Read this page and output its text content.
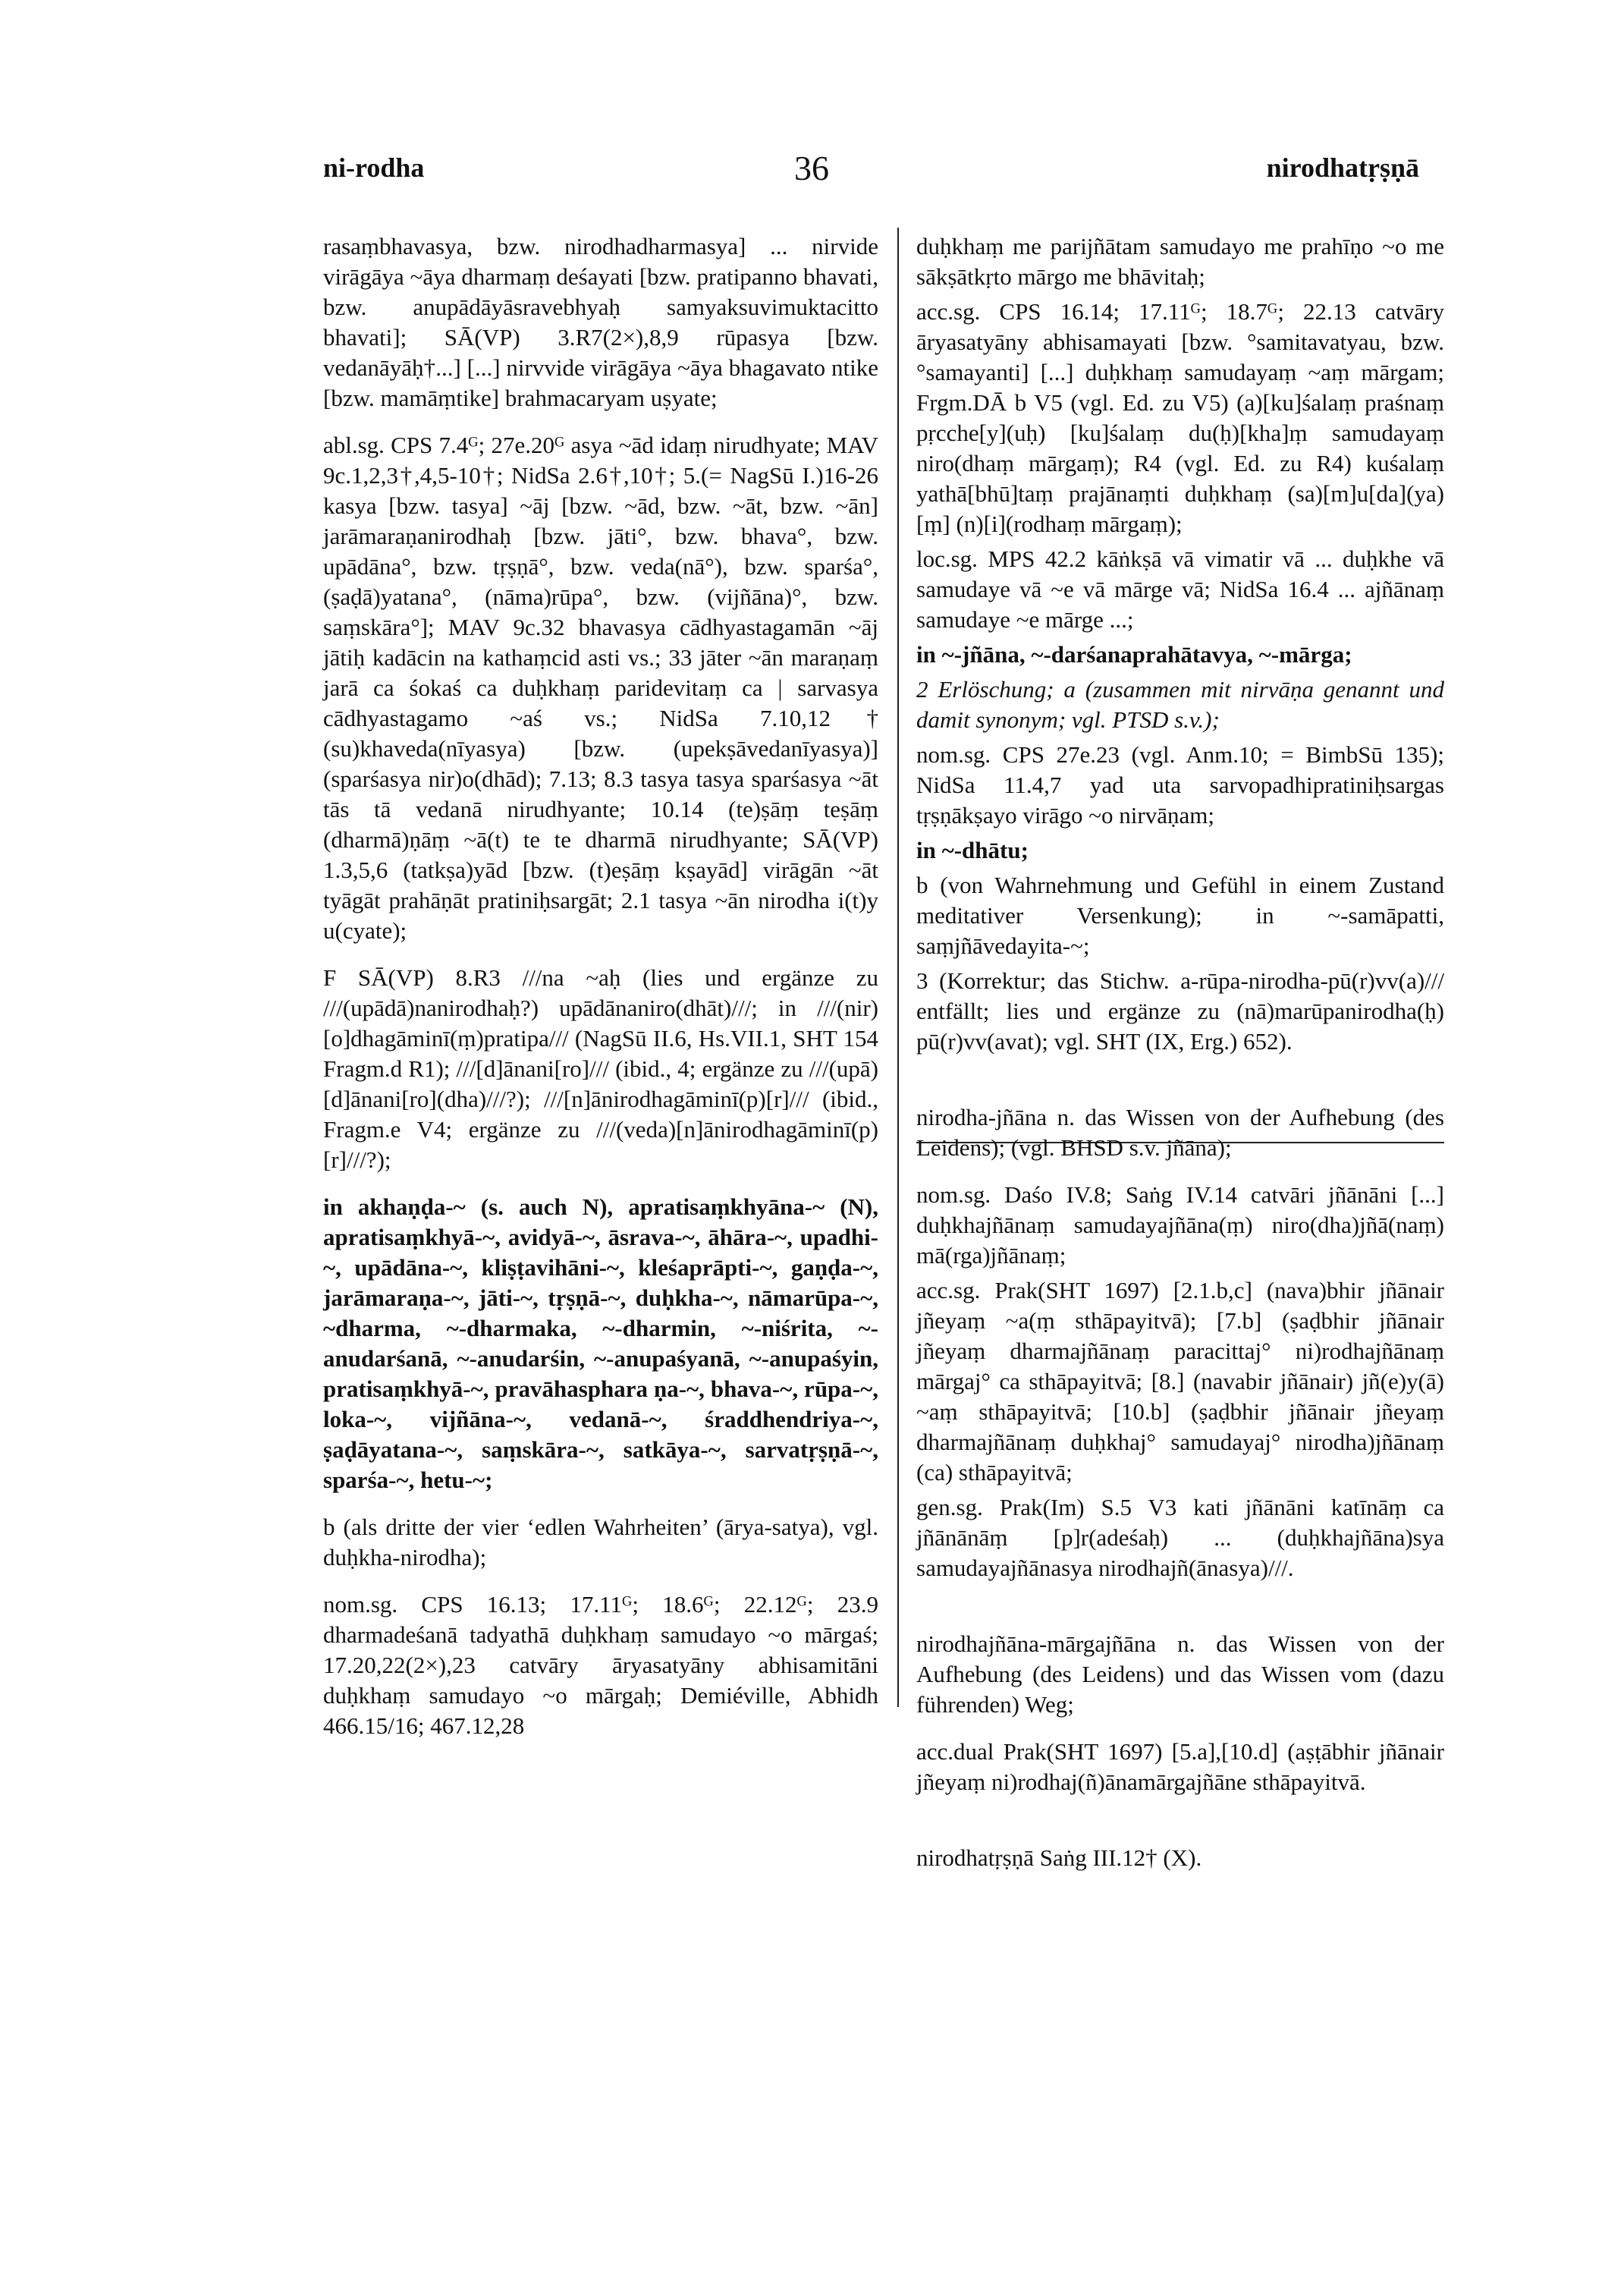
ni-rodha	36	nirodhatṛṣṇā

rasaṃbhavasya, bzw. nirodhadharmasya] ... nirvide virāgāya ~āya dharmaṃ deśayati [bzw. pratipanno bhavati, bzw. anupādāyāsravebhyaḥ samyaksuvimuktacitto bhavati]; SĀ(VP) 3.R7(2×),8,9 rūpasya [bzw. vedanāyāḥ†...] [...] nirvvide virāgāya ~āya bhagavato ntike [bzw. mamāṃtike] brahmacaryam uṣyate;

abl.sg. CPS 7.4ᴳ; 27e.20ᴳ asya ~ād idaṃ nirudhyate; MAV 9c.1,2,3†,4,5-10†; NidSa 2.6†,10†; 5.(= NagSū I.)16-26 kasya [bzw. tasya] ~āj [bzw. ~ād, bzw. ~āt, bzw. ~ān] jarāmaraṇanirodhaḥ [bzw. jāti°, bzw. bhava°, bzw. upādāna°, bzw. tṛṣṇā°, bzw. veda(nā°), bzw. sparśa°, (ṣaḍā)yatana°, (nāma)rūpa°, bzw. (vijñāna)°, bzw. saṃskāra°]; MAV 9c.32 bhavasya cādhyastagamān ~āj jātiḥ kadācin na kathaṃcid asti vs.; 33 jāter ~ān maraṇaṃ jarā ca śokaś ca duḥkhaṃ paridevitaṃ ca | sarvasya cādhyastagamo ~aś vs.; NidSa 7.10,12† (su)khaveda(nīyasya) [bzw. (upekṣāvedanīyasya)] (sparśasya nir)o(dhād); 7.13; 8.3 tasya tasya sparśasya ~āt tās tā vedanā nirudhyante; 10.14 (te)ṣāṃ teṣāṃ (dharmā)ṇāṃ ~ā(t) te te dharmā nirudhyante; SĀ(VP) 1.3,5,6 (tatkṣa)yād [bzw. (t)eṣāṃ kṣayād] virāgān ~āt tyāgāt prahāṇāt pratiniḥsargāt; 2.1 tasya ~ān nirodha i(t)y u(cyate);

F SĀ(VP) 8.R3 ///na ~aḥ (lies und ergänze zu ///(upādā)nanirodhaḥ?) upādānaniro(dhāt)///; in ///(nir)[o]dhagāminī(ṃ)pratipa/// (NagSū II.6, Hs.VII.1, SHT 154 Fragm.d R1); ///[d]ānani[ro]/// (ibid., 4; ergänze zu ///(upā)[d]ānani[ro](dha)///?); ///[n]ānirodhagāminī(p)[r]/// (ibid., Fragm.e V4; ergänze zu ///(veda)[n]ānirodhagāminī(p)[r]///?);

in akhaṇḍa-~ (s. auch N), apratisaṃkhyāna-~ (N), apratisaṃkhyā-~, avidyā-~, āsrava-~, āhāra-~, upadhi-~, upādāna-~, kliṣṭavihāni-~, kleśaprāpti-~, gaṇḍa-~, jarāmaraṇa-~, jāti-~, tṛṣṇā-~, duḥkha-~, nāmarūpa-~, ~dharma, ~-dharmaka, ~-dharmin, ~-niśrita, ~-anudarśanā, ~-anudarśin, ~-anupaśyanā, ~-anupaśyin, pratisaṃkhyā-~, pravāhasphara ṇa-~, bhava-~, rūpa-~, loka-~, vijñāna-~, vedanā-~, śraddhendriya-~, ṣaḍāyatana-~, saṃskāra-~, satkāya-~, sarvatṛṣṇā-~, sparśa-~, hetu-~;

b (als dritte der vier ‘edlen Wahrheiten’ (ārya-satya), vgl. duḥkha-nirodha);

nom.sg. CPS 16.13; 17.11ᴳ; 18.6ᴳ; 22.12ᴳ; 23.9 dharmadeśanā tadyathā duḥkhaṃ samudayo ~o mārgaś; 17.20,22(2×),23 catvāry āryasatyāny abhisamitāni duḥkhaṃ samudayo ~o mārgaḥ; Demiéville, Abhidh 466.15/16; 467.12,28

duḥkhaṃ me parijñātam samudayo me prahīṇo ~o me sākṣātkṛto mārgo me bhāvitaḥ;

acc.sg. CPS 16.14; 17.11ᴳ; 18.7ᴳ; 22.13 catvāry āryasatyāny abhisamayati [bzw. °samitavatyau, bzw. °samayanti] [...] duḥkhaṃ samudayaṃ ~aṃ mārgam; Frgm.DĀ b V5 (vgl. Ed. zu V5) (a)[ku]śalaṃ praśnaṃ pṛcche[y](uḥ) [ku]śalaṃ du(ḥ)[kha]ṃ samudayaṃ niro(dhaṃ mārgaṃ); R4 (vgl. Ed. zu R4) kuśalaṃ yathā[bhū]taṃ prajānaṃti duḥkhaṃ (sa)[m]u[da](ya)[ṃ] (n)[i](rodhaṃ mārgaṃ);

loc.sg. MPS 42.2 kāṅkṣā vā vimatir vā ... duḥkhe vā samudaye vā ~e vā mārge vā; NidSa 16.4 ... ajñānaṃ samudaye ~e mārge ...;

in ~-jñāna, ~-darśanaprahātavya, ~-mārga;

2 Erlöschung; a (zusammen mit nirvāṇa genannt und damit synonym; vgl. PTSD s.v.);

nom.sg. CPS 27e.23 (vgl. Anm.10; = BimbSū 135); NidSa 11.4,7 yad uta sarvopadhipratiniḥsargas tṛṣṇākṣayo virāgo ~o nirvāṇam;

in ~-dhātu;

b (von Wahrnehmung und Gefühl in einem Zustand meditativer Versenkung); in ~-samāpatti, saṃjñāvedayita-~;

3 (Korrektur; das Stichw. a-rūpa-nirodha-pū(r)vv(a)/// entfällt; lies und ergänze zu (nā)marūpanirodha(ḥ) pū(r)vv(avat); vgl. SHT (IX, Erg.) 652).

nirodha-jñāna n. das Wissen von der Aufhebung (des Leidens); (vgl. BHSD s.v. jñāna);

nom.sg. Daśo IV.8; Saṅg IV.14 catvāri jñānāni [...] duḥkhajñānaṃ samudayajñāna(ṃ) niro(dha)jñā(naṃ) mā(rga)jñānaṃ;

acc.sg. Prak(SHT 1697) [2.1.b,c] (nava)bhir jñānair jñeyaṃ ~a(ṃ sthāpayitvā); [7.b] (ṣaḍbhir jñānair jñeyaṃ dharmajñānaṃ paracittaj° ni)rodhajñānaṃ mārgaj° ca sthāpayitvā; [8.] (navabir jñānair) jñ(e)y(ā) ~aṃ sthāpayitvā; [10.b] (ṣaḍbhir jñānair jñeyaṃ dharmajñānaṃ duḥkhaj° samudayaj° nirodha)jñānaṃ (ca) sthāpayitvā;

gen.sg. Prak(Im) S.5 V3 kati jñānāni katīnāṃ ca jñānānāṃ [p]r(adeśaḥ) ... (duḥkhajñāna)sya samudayajñānasya nirodhajñ(ānasya)///.

nirodhajñāna-mārgajñāna n. das Wissen von der Aufhebung (des Leidens) und das Wissen vom (dazu führenden) Weg;

acc.dual Prak(SHT 1697) [5.a],[10.d] (aṣṭābhir jñānair jñeyaṃ ni)rodhaj(ñ)ānamārgajñāne sthāpayitvā.

nirodhatṛṣṇā Saṅg III.12† (X).
